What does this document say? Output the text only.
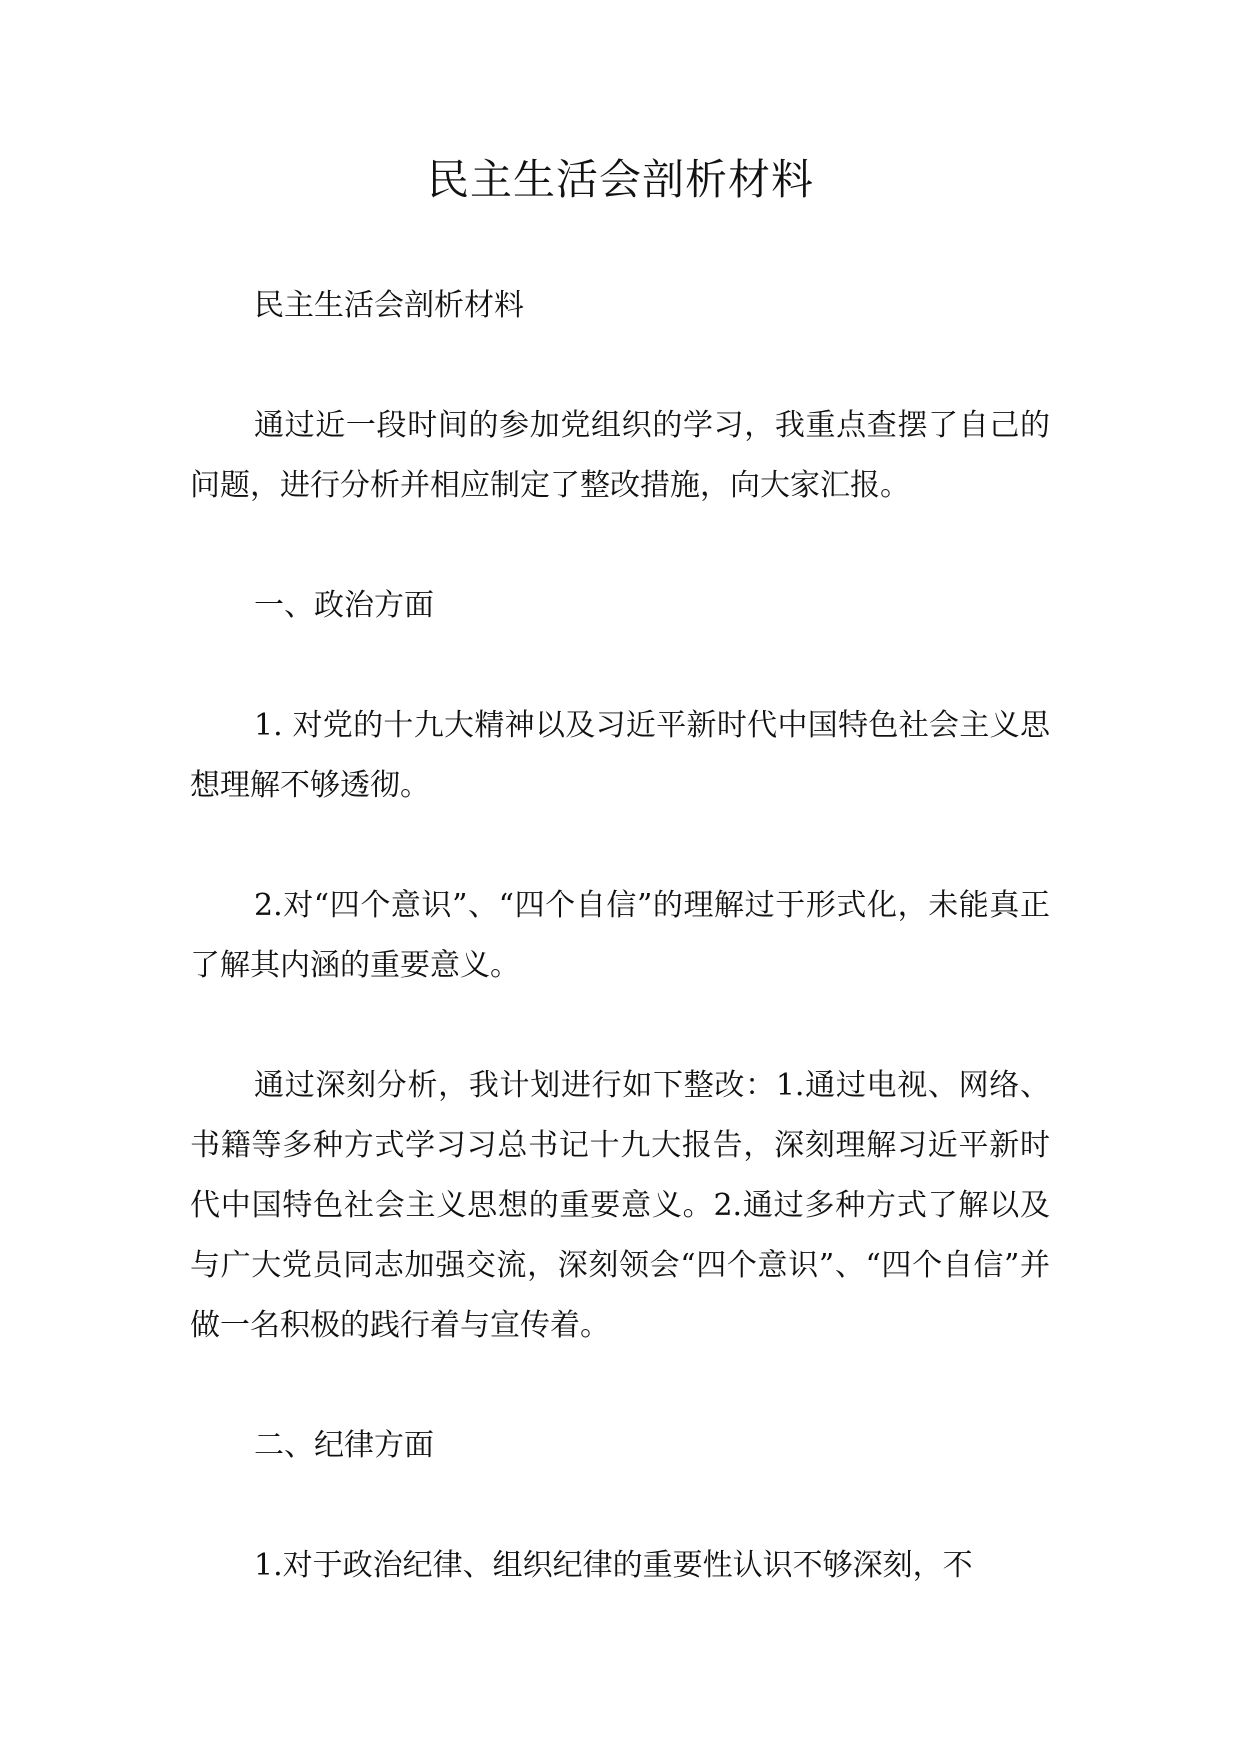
民主生活会剖析材料

民主生活会剖析材料

通过近一段时间的参加党组织的学习，我重点查摆了自己的问题，进行分析并相应制定了整改措施，向大家汇报。

一、政治方面

1. 对党的十九大精神以及习近平新时代中国特色社会主义思想理解不够透彻。

2.对“四个意识”、“四个自信”的理解过于形式化，未能真正了解其内涵的重要意义。

通过深刻分析，我计划进行如下整改：1.通过电视、网络、书籍等多种方式学习习总书记十九大报告，深刻理解习近平新时代中国特色社会主义思想的重要意义。2.通过多种方式了解以及与广大党员同志加强交流，深刻领会“四个意识”、“四个自信”并做一名积极的践行着与宣传着。

二、纪律方面

1.对于政治纪律、组织纪律的重要性认识不够深刻，不
